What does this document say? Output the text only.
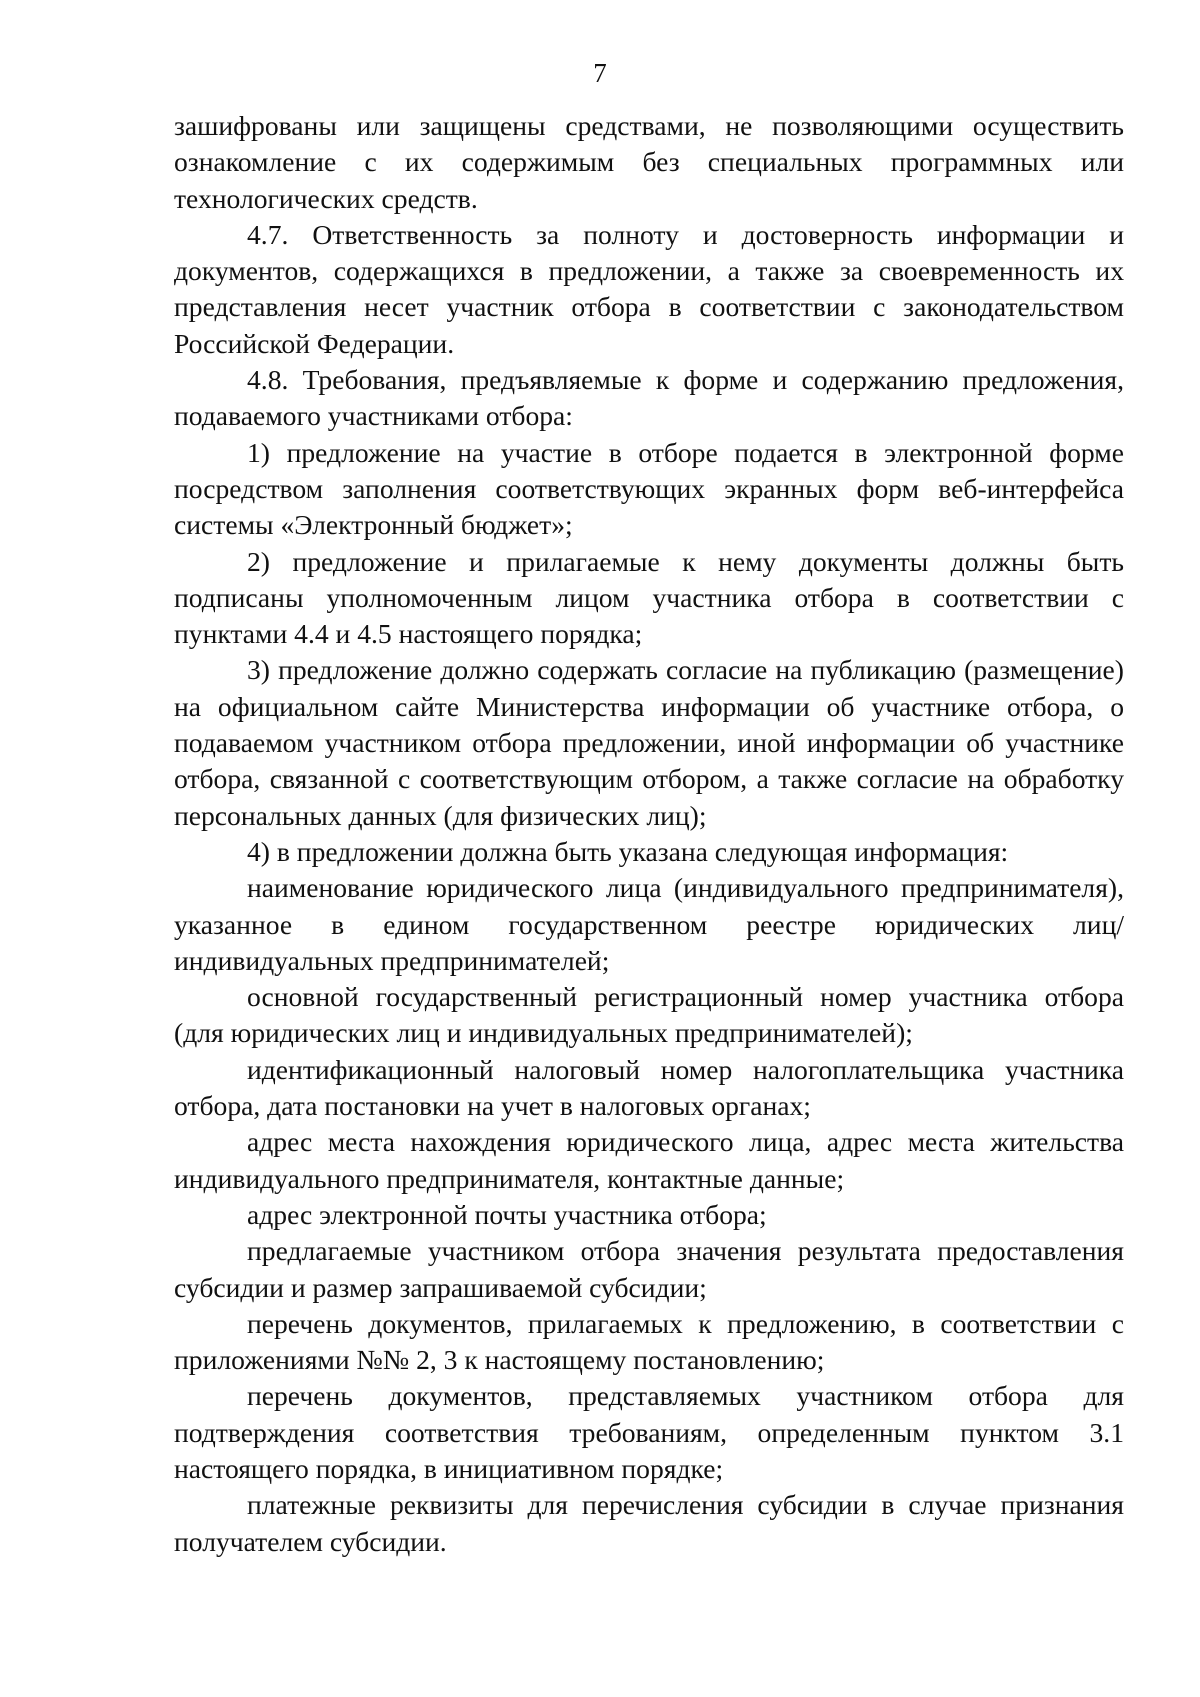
7

зашифрованы или защищены средствами, не позволяющими осуществить ознакомление с их содержимым без специальных программных или технологических средств.

4.7. Ответственность за полноту и достоверность информации и документов, содержащихся в предложении, а также за своевременность их представления несет участник отбора в соответствии с законодательством Российской Федерации.

4.8. Требования, предъявляемые к форме и содержанию предложения, подаваемого участниками отбора:

1) предложение на участие в отборе подается в электронной форме посредством заполнения соответствующих экранных форм веб-интерфейса системы «Электронный бюджет»;

2) предложение и прилагаемые к нему документы должны быть подписаны уполномоченным лицом участника отбора в соответствии с пунктами 4.4 и 4.5 настоящего порядка;

3) предложение должно содержать согласие на публикацию (размещение) на официальном сайте Министерства информации об участнике отбора, о подаваемом участником отбора предложении, иной информации об участнике отбора, связанной с соответствующим отбором, а также согласие на обработку персональных данных (для физических лиц);

4) в предложении должна быть указана следующая информация:

наименование юридического лица (индивидуального предпринимателя), указанное в едином государственном реестре юридических лиц/индивидуальных предпринимателей;

основной государственный регистрационный номер участника отбора (для юридических лиц и индивидуальных предпринимателей);

идентификационный налоговый номер налогоплательщика участника отбора, дата постановки на учет в налоговых органах;

адрес места нахождения юридического лица, адрес места жительства индивидуального предпринимателя, контактные данные;

адрес электронной почты участника отбора;

предлагаемые участником отбора значения результата предоставления субсидии и размер запрашиваемой субсидии;

перечень документов, прилагаемых к предложению, в соответствии с приложениями №№ 2, 3 к настоящему постановлению;

перечень документов, представляемых участником отбора для подтверждения соответствия требованиям, определенным пунктом 3.1 настоящего порядка, в инициативном порядке;

платежные реквизиты для перечисления субсидии в случае признания получателем субсидии.
